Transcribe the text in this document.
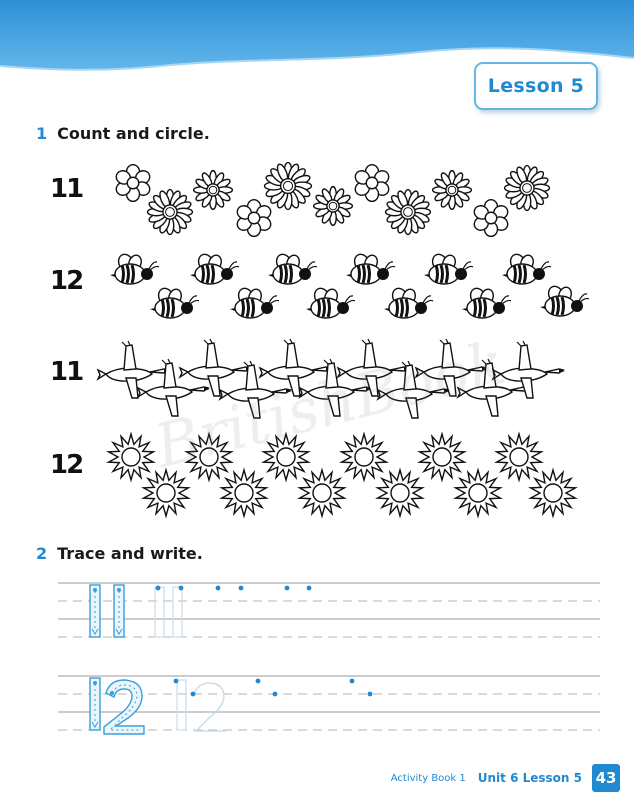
Lesson 5
1 Count and circle.
11
12
11
12 BritishBook
2 Trace and write.
Activity Book 1 Unit 6 Lesson 5 43
